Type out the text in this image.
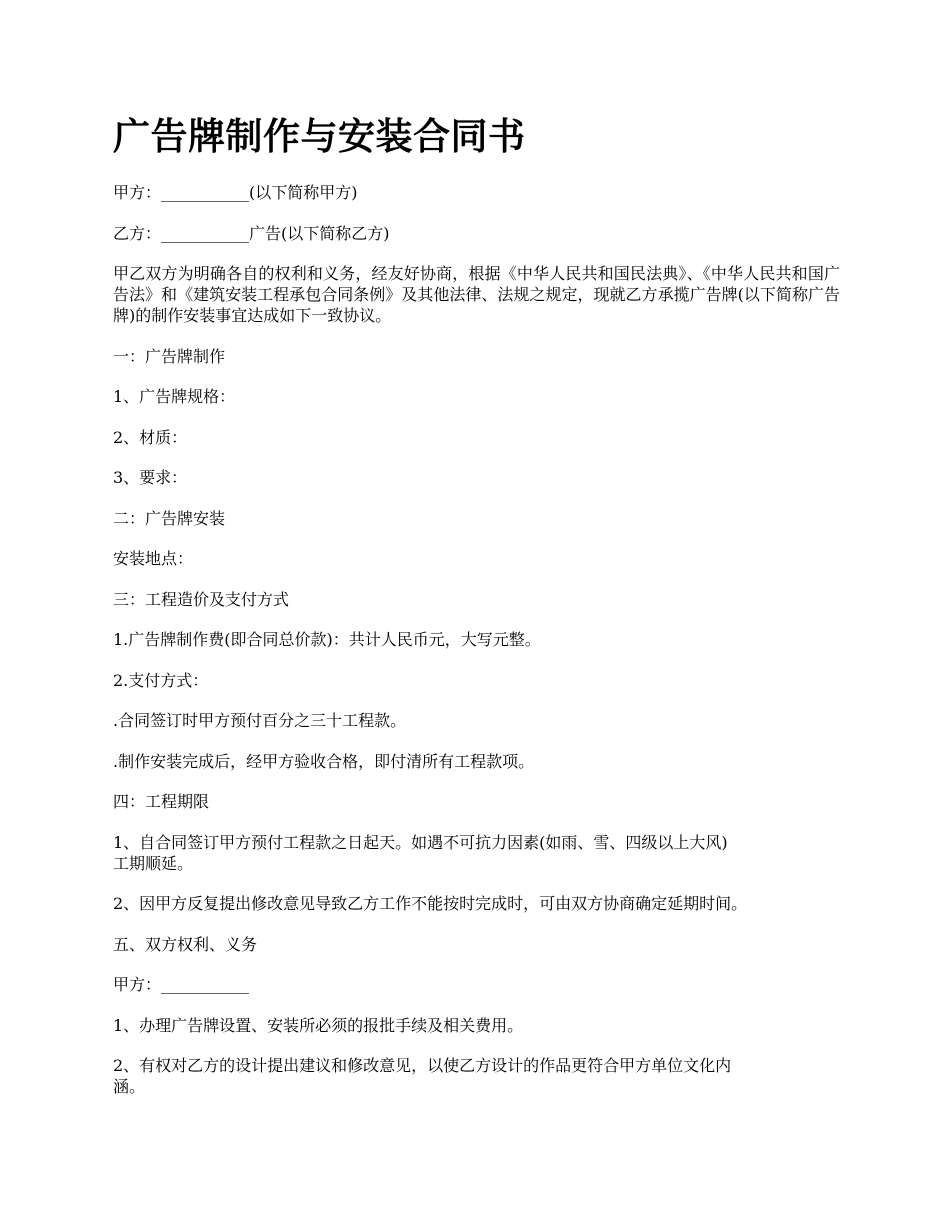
广告牌制作与安装合同书
甲方：___________(以下简称甲方)
乙方：___________广告(以下简称乙方)
甲乙双方为明确各自的权利和义务，经友好协商，根据《中华人民共和国民法典》、《中华人民共和国广告法》和《建筑安装工程承包合同条例》及其他法律、法规之规定，现就乙方承揽广告牌(以下简称广告牌)的制作安装事宜达成如下一致协议。
一：广告牌制作
1、广告牌规格：
2、材质：
3、要求：
二：广告牌安装
安装地点：
三：工程造价及支付方式
1.广告牌制作费(即合同总价款)：共计人民币元，大写元整。
2.支付方式：
.合同签订时甲方预付百分之三十工程款。
.制作安装完成后，经甲方验收合格，即付清所有工程款项。
四：工程期限
1、自合同签订甲方预付工程款之日起天。如遇不可抗力因素(如雨、雪、四级以上大风)
工期顺延。
2、因甲方反复提出修改意见导致乙方工作不能按时完成时，可由双方协商确定延期时间。
五、双方权利、义务
甲方：___________
1、办理广告牌设置、安装所必须的报批手续及相关费用。
2、有权对乙方的设计提出建议和修改意见，以使乙方设计的作品更符合甲方单位文化内
涵。
